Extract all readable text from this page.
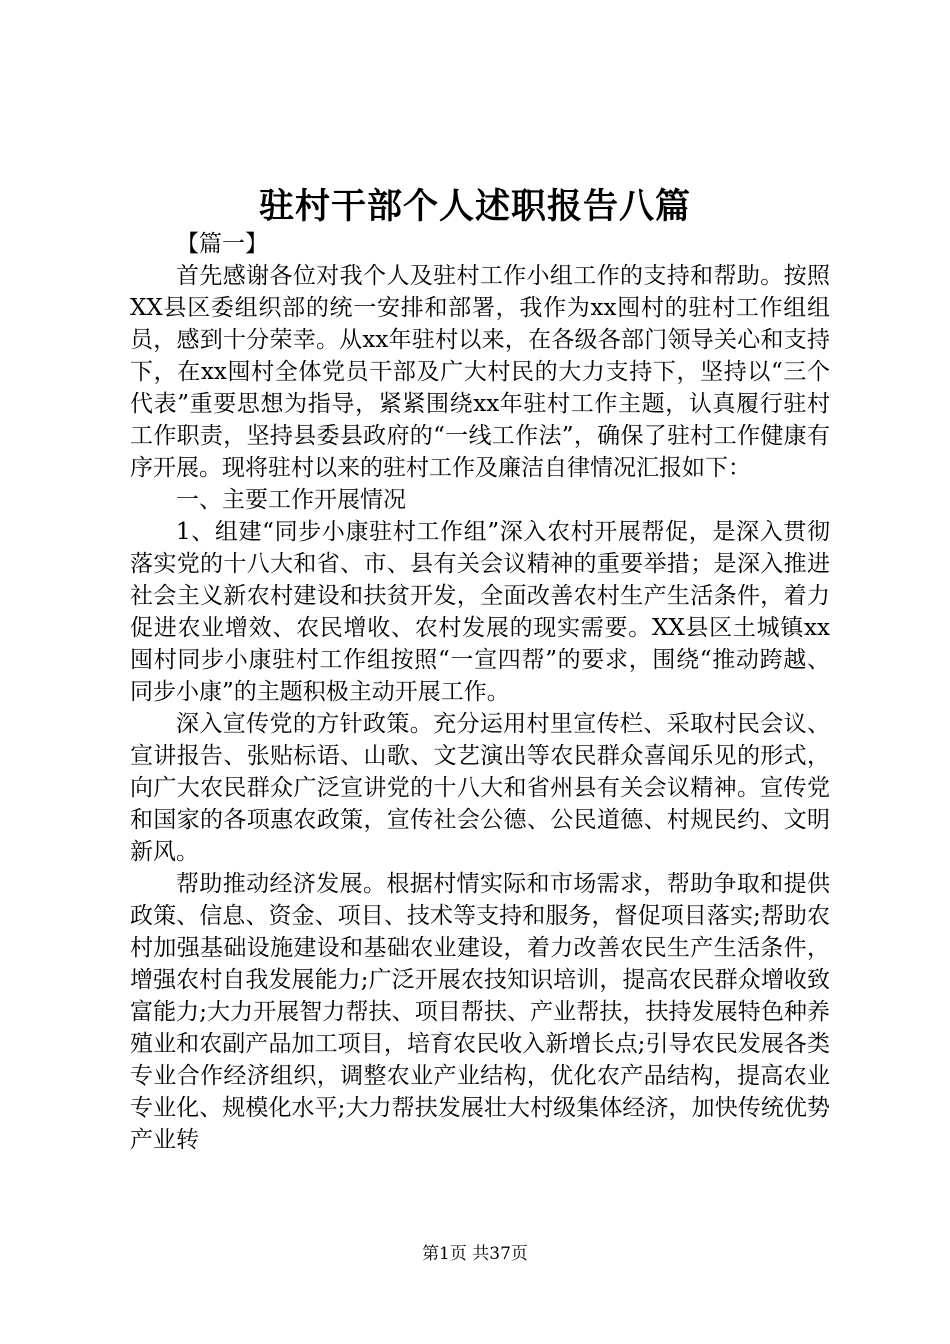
驻村干部个人述职报告八篇

【篇一】

首先感谢各位对我个人及驻村工作小组工作的支持和帮助。按照XX县区委组织部的统一安排和部署，我作为xx囤村的驻村工作组组员，感到十分荣幸。从xx年驻村以来，在各级各部门领导关心和支持下，在xx囤村全体党员干部及广大村民的大力支持下，坚持以“三个代表”重要思想为指导，紧紧围绕xx年驻村工作主题，认真履行驻村工作职责，坚持县委县政府的“一线工作法”，确保了驻村工作健康有序开展。现将驻村以来的驻村工作及廉洁自律情况汇报如下：

一、主要工作开展情况

1、组建“同步小康驻村工作组”深入农村开展帮促，是深入贯彻落实党的十八大和省、市、县有关会议精神的重要举措；是深入推进社会主义新农村建设和扶贫开发，全面改善农村生产生活条件，着力促进农业增效、农民增收、农村发展的现实需要。XX县区土城镇xx囤村同步小康驻村工作组按照“一宣四帮”的要求，围绕“推动跨越、同步小康”的主题积极主动开展工作。

深入宣传党的方针政策。充分运用村里宣传栏、采取村民会议、宣讲报告、张贴标语、山歌、文艺演出等农民群众喜闻乐见的形式，向广大农民群众广泛宣讲党的十八大和省州县有关会议精神。宣传党和国家的各项惠农政策，宣传社会公德、公民道德、村规民约、文明新风。

帮助推动经济发展。根据村情实际和市场需求，帮助争取和提供政策、信息、资金、项目、技术等支持和服务，督促项目落实;帮助农村加强基础设施建设和基础农业建设，着力改善农民生产生活条件，增强农村自我发展能力;广泛开展农技知识培训，提高农民群众增收致富能力;大力开展智力帮扶、项目帮扶、产业帮扶，扶持发展特色种养殖业和农副产品加工项目，培育农民收入新增长点;引导农民发展各类专业合作经济组织，调整农业产业结构，优化农产品结构，提高农业专业化、规模化水平;大力帮扶发展壮大村级集体经济，加快传统优势产业转

第1页 共37页
